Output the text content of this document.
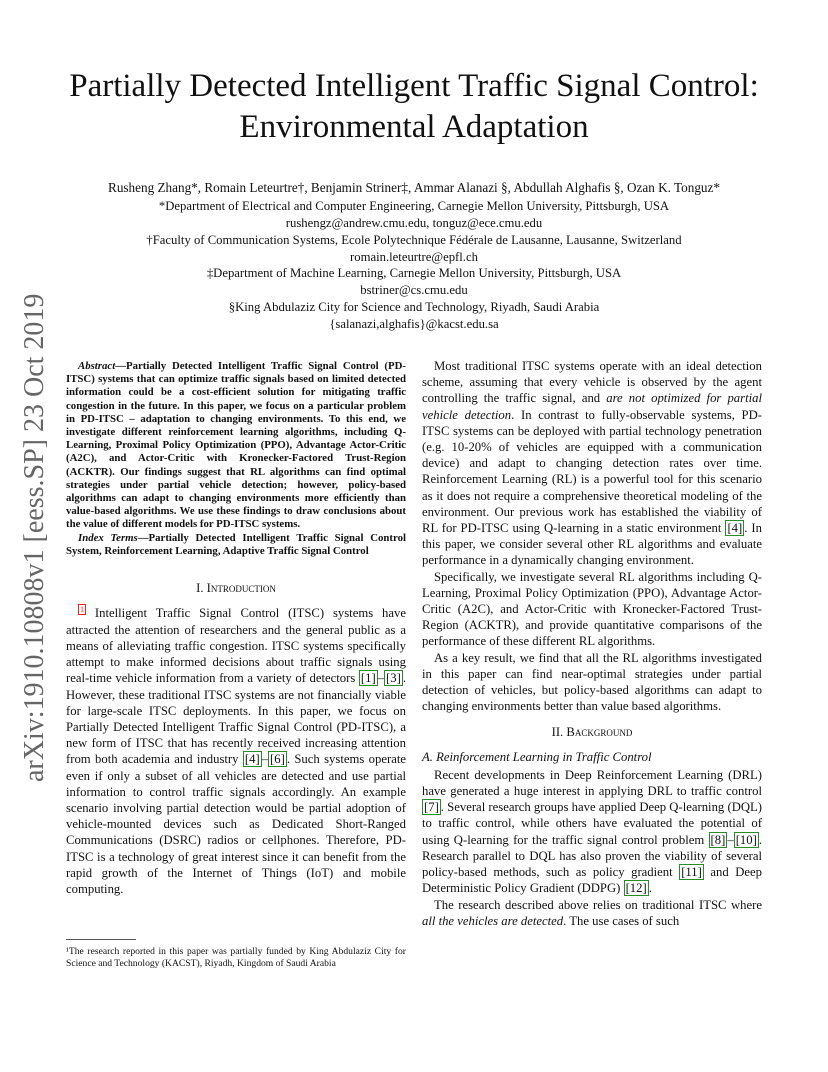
arXiv:1910.10808v1 [eess.SP] 23 Oct 2019
Partially Detected Intelligent Traffic Signal Control:
Environmental Adaptation
Rusheng Zhang*, Romain Leteurtre†, Benjamin Striner‡, Ammar Alanazi §, Abdullah Alghafis §, Ozan K. Tonguz*
*Department of Electrical and Computer Engineering, Carnegie Mellon University, Pittsburgh, USA
rushengz@andrew.cmu.edu, tonguz@ece.cmu.edu
†Faculty of Communication Systems, Ecole Polytechnique Fédérale de Lausanne, Lausanne, Switzerland
romain.leteurtre@epfl.ch
‡Department of Machine Learning, Carnegie Mellon University, Pittsburgh, USA
bstriner@cs.cmu.edu
§King Abdulaziz City for Science and Technology, Riyadh, Saudi Arabia
{salanazi,alghafis}@kacst.edu.sa

Abstract—Partially Detected Intelligent Traffic Signal Control (PD-ITSC) systems that can optimize traffic signals based on limited detected information could be a cost-efficient solution for mitigating traffic congestion in the future. In this paper, we focus on a particular problem in PD-ITSC – adaptation to changing environments. To this end, we investigate different reinforcement learning algorithms, including Q-Learning, Proximal Policy Optimization (PPO), Advantage Actor-Critic (A2C), and Actor-Critic with Kronecker-Factored Trust-Region (ACKTR). Our findings suggest that RL algorithms can find optimal strategies under partial vehicle detection; however, policy-based algorithms can adapt to changing environments more efficiently than value-based algorithms. We use these findings to draw conclusions about the value of different models for PD-ITSC systems.

Index Terms—Partially Detected Intelligent Traffic Signal Control System, Reinforcement Learning, Adaptive Traffic Signal Control

I. Introduction

1 Intelligent Traffic Signal Control (ITSC) systems have attracted the attention of researchers and the general public as a means of alleviating traffic congestion. ITSC systems specifically attempt to make informed decisions about traffic signals using real-time vehicle information from a variety of detectors [1] – [3] . However, these traditional ITSC systems are not financially viable for large-scale ITSC deployments. In this paper, we focus on Partially Detected Intelligent Traffic Signal Control (PD-ITSC), a new form of ITSC that has recently received increasing attention from both academia and industry [4] – [6] . Such systems operate even if only a subset of all vehicles are detected and use partial information to control traffic signals accordingly. An example scenario involving partial detection would be partial adoption of vehicle-mounted devices such as Dedicated Short-Ranged Communications (DSRC) radios or cellphones. Therefore, PD-ITSC is a technology of great interest since it can benefit from the rapid growth of the Internet of Things (IoT) and mobile computing.

¹The research reported in this paper was partially funded by King Abdulaziz City for Science and Technology (KACST), Riyadh, Kingdom of Saudi Arabia

Most traditional ITSC systems operate with an ideal detection scheme, assuming that every vehicle is observed by the agent controlling the traffic signal, and are not optimized for partial vehicle detection. In contrast to fully-observable systems, PD-ITSC systems can be deployed with partial technology penetration (e.g. 10-20% of vehicles are equipped with a communication device) and adapt to changing detection rates over time. Reinforcement Learning (RL) is a powerful tool for this scenario as it does not require a comprehensive theoretical modeling of the environment. Our previous work has established the viability of RL for PD-ITSC using Q-learning in a static environment [4] . In this paper, we consider several other RL algorithms and evaluate performance in a dynamically changing environment.

Specifically, we investigate several RL algorithms including Q-Learning, Proximal Policy Optimization (PPO), Advantage Actor-Critic (A2C), and Actor-Critic with Kronecker-Factored Trust-Region (ACKTR), and provide quantitative comparisons of the performance of these different RL algorithms.

As a key result, we find that all the RL algorithms investigated in this paper can find near-optimal strategies under partial detection of vehicles, but policy-based algorithms can adapt to changing environments better than value based algorithms.

II. Background
A. Reinforcement Learning in Traffic Control

Recent developments in Deep Reinforcement Learning (DRL) have generated a huge interest in applying DRL to traffic control [7] . Several research groups have applied Deep Q-learning (DQL) to traffic control, while others have evaluated the potential of using Q-learning for the traffic signal control problem [8] – [10] . Research parallel to DQL has also proven the viability of several policy-based methods, such as policy gradient [11] and Deep Deterministic Policy Gradient (DDPG) [12] .

The research described above relies on traditional ITSC where all the vehicles are detected. The use cases of such
